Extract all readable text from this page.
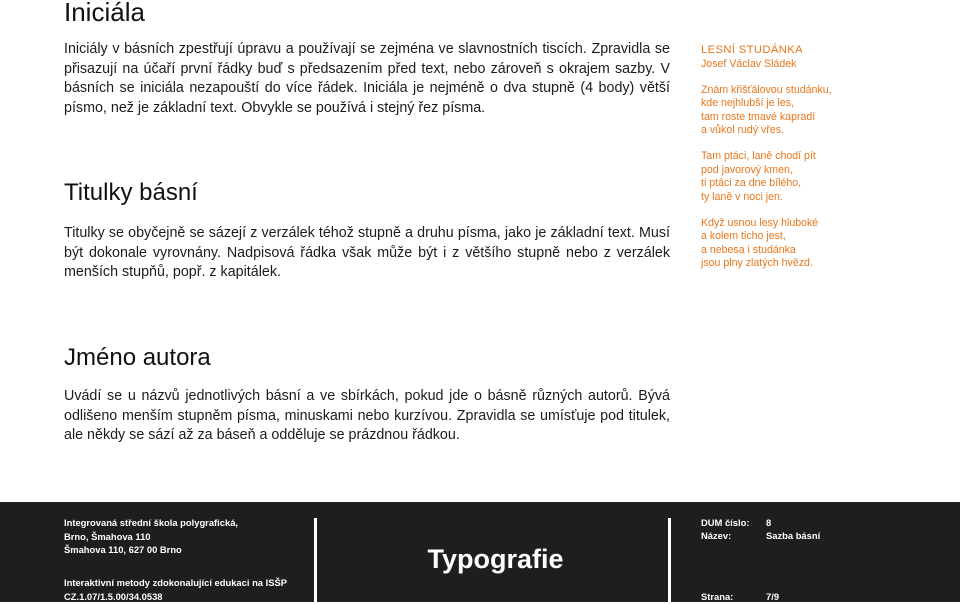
Iniciála

Iniciály v básních zpestřují úpravu a používají se zejména ve slavnostních tiscích. Zpravidla se přisazují na účaří první řádky buď s předsazením před text, nebo zároveň s okrajem sazby. V básních se iniciála nezapouští do více řádek. Iniciála je nejméně o dva stupně (4 body) větší písmo, než je základní text. Obvykle se používá i stejný řez písma.

Titulky básní

Titulky se obyčejně se sázejí z verzálek téhož stupně a druhu písma, jako je základní text. Musí být dokonale vyrovnány. Nadpisová řádka však může být i z většího stupně nebo z verzálek menších stupňů, popř. z kapitálek.

Jméno autora

Uvádí se u názvů jednotlivých básní a ve sbírkách, pokud jde o básně různých autorů. Bývá odlišeno menším stupněm písma, minuskami nebo kurzívou. Zpravidla se umísťuje pod titulek, ale někdy se sází až za báseň a odděluje se prázdnou řádkou.

LESNÍ STUDÁNKA
Josef Václav Sládek
Znám křišťálovou studánku,
kde nejhlubší je les,
tam roste tmavé kapradí
a vůkol rudý vřes.
Tam ptáci, laně chodí pít
pod javorový kmen,
ti ptáci za dne bílého,
ty laně v noci jen.
Když usnou lesy hluboké
a kolem ticho jest,
a nebesa i studánka
jsou plny zlatých hvězd.
Integrovaná střední škola polygrafická,
Brno, Šmahova 110
Šmahova 110, 627 00 Brno
Interaktivní metody zdokonalující edukaci na ISŠP
CZ.1.07/1.5.00/34.0538
Typografie
DUM číslo: 8
Název:	Sazba básní
Strana:	7/9
